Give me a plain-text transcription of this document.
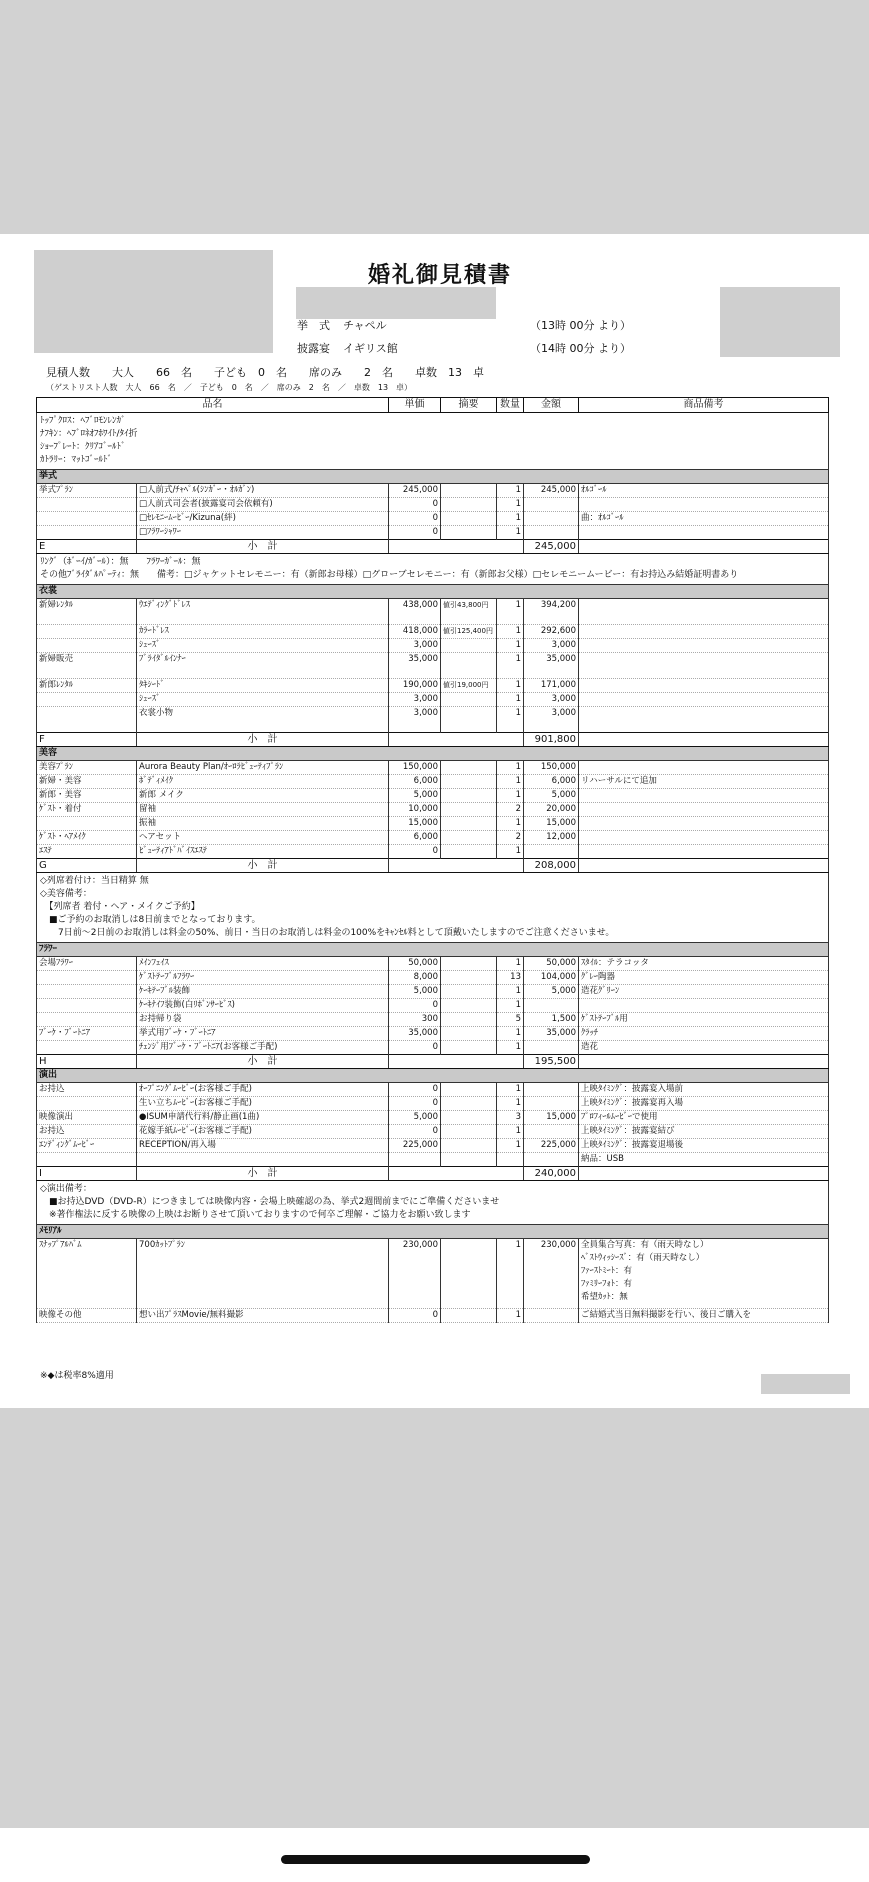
婚礼御見積書
挙　式 チャペル	（13時 00分 より）
披露宴 イギリス館	（14時 00分 より）
見積人数　　大人　　66　名　　子ども　0　名　　席のみ　　2　名　　卓数　13　卓
（ゲストリスト人数　大人　66　名　／　子ども　0　名　／　席のみ　2　名　／　卓数　13　卓）
品名		単価	摘要	数量	金額	商品備考

ﾄｯﾌﾟｸﾛｽ：ﾍﾌﾞﾛﾓﾝﾚﾝｶﾞ
ﾅﾌｷﾝ：ﾍﾌﾞﾛﾈｵﾌﾎﾜｲﾄ/ﾀｲ折
ｼｮｰﾌﾟﾚｰﾄ：ｸﾘｱｺﾞｰﾙﾄﾞ
ｶﾄﾗﾘｰ：ﾏｯﾄｺﾞｰﾙﾄﾞ						

挙式						
挙式ﾌﾟﾗﾝ	□人前式/ﾁｬﾍﾟﾙ(ｼﾝｶﾞｰ・ｵﾙｶﾞﾝ)	245,000		1	245,000	ｵﾙｺﾞｰﾙ
	□人前式司会者(披露宴司会依頼有)	0		1		
	□ｾﾚﾓﾆｰﾑｰﾋﾞｰ/Kizuna(絆)	0		1		曲：ｵﾙｺﾞｰﾙ
	□ﾌﾗﾜｰｼｬﾜｰ	0		1		
E	小　計				245,000	

ﾘﾝｸﾞ（ﾎﾞｰｲ/ｶﾞｰﾙ）：無　　ﾌﾗﾜｰｶﾞｰﾙ：無
その他ﾌﾞﾗｲﾀﾞﾙﾊﾟｰﾃｨ：無　　備考：□ジャケットセレモニー：有（新郎お母様）□グローブセレモニー：有（新郎お父様）□セレモニームービー：有お持込み結婚証明書あり						

衣裳						
新婦ﾚﾝﾀﾙ	ｳｴﾃﾞｨﾝｸﾞﾄﾞﾚｽ	438,000	値引43,800円	1	394,200	
	ｶﾗｰﾄﾞﾚｽ	418,000	値引125,400円	1	292,600	
	ｼｭｰｽﾞ	3,000		1	3,000	
新婦販売	ﾌﾞﾗｲﾀﾞﾙｲﾝﾅｰ	35,000		1	35,000	
新郎ﾚﾝﾀﾙ	ﾀｷｼｰﾄﾞ	190,000	値引19,000円	1	171,000	
	ｼｭｰｽﾞ	3,000		1	3,000	
	衣裳小物	3,000		1	3,000	
F	小　計				901,800	
美容						
美容ﾌﾟﾗﾝ	Aurora Beauty Plan/ｵｰﾛﾗﾋﾞｭｰﾃｨﾌﾟﾗﾝ	150,000		1	150,000	
新婦・美容	ﾎﾞﾃﾞｨﾒｲｸ	6,000		1	6,000	リハーサルにて追加
新郎・美容	新郎 メイク	5,000		1	5,000	
ｹﾞｽﾄ・着付	留袖	10,000		2	20,000	
	振袖	15,000		1	15,000	
ｹﾞｽﾄ・ﾍｱﾒｲｸ	ヘアセット	6,000		2	12,000	
ｴｽﾃ	ﾋﾞｭｰﾃｨｱﾄﾞﾊﾞｲｽｴｽﾃ	0		1		
G	小　計				208,000	

◇列席着付け：当日精算 無
◇美容備考：
　【列席者 着付・ヘア・メイクご予約】
　■ご予約のお取消しは8日前までとなっております。
　　7日前～2日前のお取消しは料金の50%、前日・当日のお取消しは料金の100%をｷｬﾝｾﾙ料として頂戴いたしますのでご注意くださいませ。						

ﾌﾗﾜｰ						
会場ﾌﾗﾜｰ	ﾒｲﾝﾌｪｲｽ	50,000		1	50,000	ｽﾀｲﾙ：テラコッタ
	ｹﾞｽﾄﾃｰﾌﾞﾙﾌﾗﾜｰ	8,000		13	104,000	ｸﾞﾚｰ陶器
	ｹｰｷﾃｰﾌﾞﾙ装飾	5,000		1	5,000	造花ｸﾞﾘｰﾝ
	ｹｰｷﾅｲﾌ装飾(白ﾘﾎﾞﾝｻｰﾋﾞｽ)	0		1		
	お持帰り袋	300		5	1,500	ｹﾞｽﾄﾃｰﾌﾞﾙ用
ﾌﾞｰｹ・ﾌﾞｰﾄﾆｱ	挙式用ﾌﾞｰｹ・ﾌﾞｰﾄﾆｱ	35,000		1	35,000	ｸﾗｯﾁ
	ﾁｪﾝｼﾞ用ﾌﾞｰｹ・ﾌﾞｰﾄﾆｱ(お客様ご手配)	0		1		造花
H	小　計				195,500	
演出						
お持込	ｵｰﾌﾟﾆﾝｸﾞﾑｰﾋﾞｰ(お客様ご手配)	0		1		上映ﾀｲﾐﾝｸﾞ：披露宴入場前
	生い立ちﾑｰﾋﾞｰ(お客様ご手配)	0		1		上映ﾀｲﾐﾝｸﾞ：披露宴再入場
映像演出	●ISUM申請代行料/静止画(1曲)	5,000		3	15,000	ﾌﾟﾛﾌｨｰﾙﾑｰﾋﾞｰで使用
お持込	花嫁手紙ﾑｰﾋﾞｰ(お客様ご手配)	0		1		上映ﾀｲﾐﾝｸﾞ：披露宴結び
ｴﾝﾃﾞｨﾝｸﾞﾑｰﾋﾞｰ	RECEPTION/再入場	225,000		1	225,000	上映ﾀｲﾐﾝｸﾞ：披露宴退場後
						納品：USB
I	小　計				240,000	

◇演出備考：
　■お持込DVD（DVD-R）につきましては映像内容・会場上映確認の為、挙式2週間前までにご準備くださいませ
　※著作権法に反する映像の上映はお断りさせて頂いておりますので何卒ご理解・ご協力をお願い致します						

ﾒﾓﾘｱﾙ						
ｽﾅｯﾌﾟｱﾙﾊﾞﾑ	700ｶｯﾄﾌﾟﾗﾝ	230,000		1	230,000	全員集合写真：有（雨天時なし）
ﾍﾞｽﾄｳｨｯｼｰｽﾞ：有（雨天時なし）
ﾌｧｰｽﾄﾐｰﾄ：有
ﾌｧﾐﾘｰﾌｫﾄ：有
希望ｶｯﾄ：無
映像その他	想い出ﾌﾟﾗｽMovie/無料撮影	0		1		ご結婚式当日無料撮影を行い、後日ご購入を
※◆は税率8%適用
